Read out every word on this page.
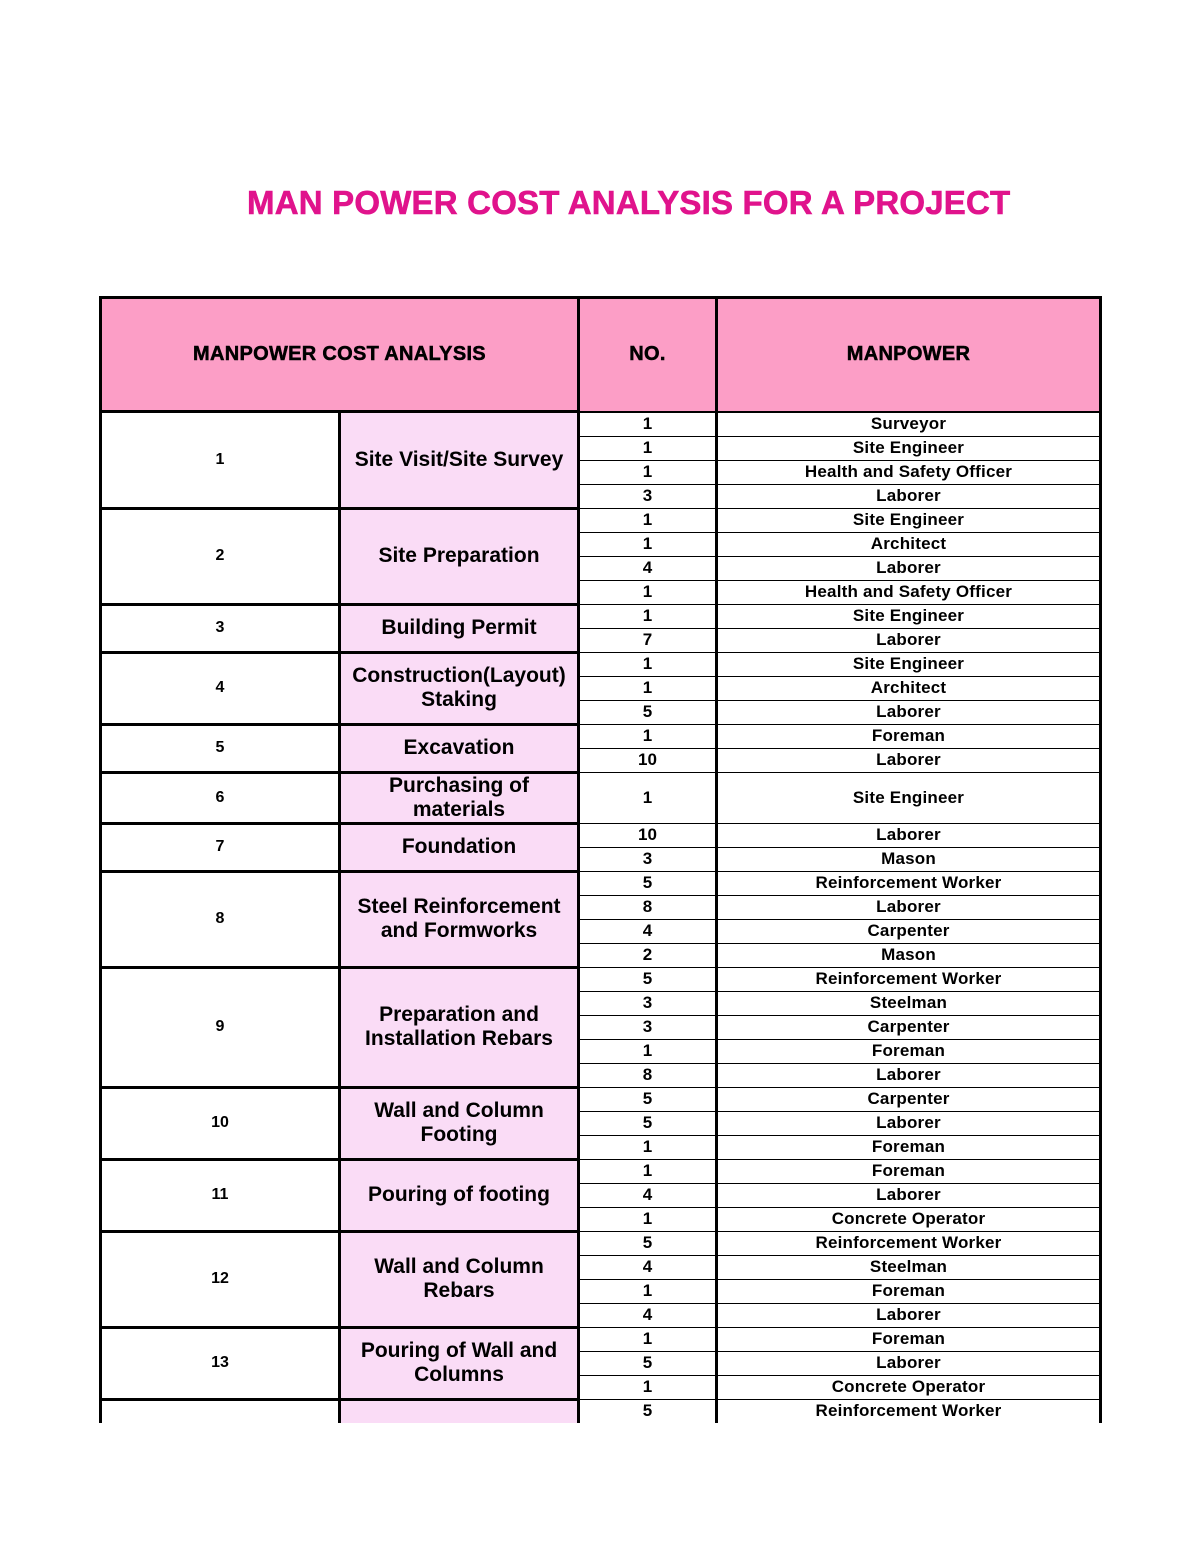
MAN POWER COST ANALYSIS FOR A PROJECT
MANPOWER COST ANALYSIS		NO.	MANPOWER
1	Site Visit/Site Survey	1	Surveyor
		1	Site Engineer
		1	Health and Safety Officer
		3	Laborer
2	Site Preparation	1	Site Engineer
		1	Architect
		4	Laborer
		1	Health and Safety Officer
3	Building Permit	1	Site Engineer
		7	Laborer
4	Construction(Layout) Staking	1	Site Engineer
		1	Architect
		5	Laborer
5	Excavation	1	Foreman
		10	Laborer
6	Purchasing of materials	1	Site Engineer
7	Foundation	10	Laborer
		3	Mason
8	Steel Reinforcement and Formworks	5	Reinforcement Worker
		8	Laborer
		4	Carpenter
		2	Mason
9	Preparation and Installation Rebars	5	Reinforcement Worker
		3	Steelman
		3	Carpenter
		1	Foreman
		8	Laborer
10	Wall and Column Footing	5	Carpenter
		5	Laborer
		1	Foreman
11	Pouring of footing	1	Foreman
		4	Laborer
		1	Concrete Operator
12	Wall and Column Rebars	5	Reinforcement Worker
		4	Steelman
		1	Foreman
		4	Laborer
13	Pouring of Wall and Columns	1	Foreman
		5	Laborer
		1	Concrete Operator
		5	Reinforcement Worker
